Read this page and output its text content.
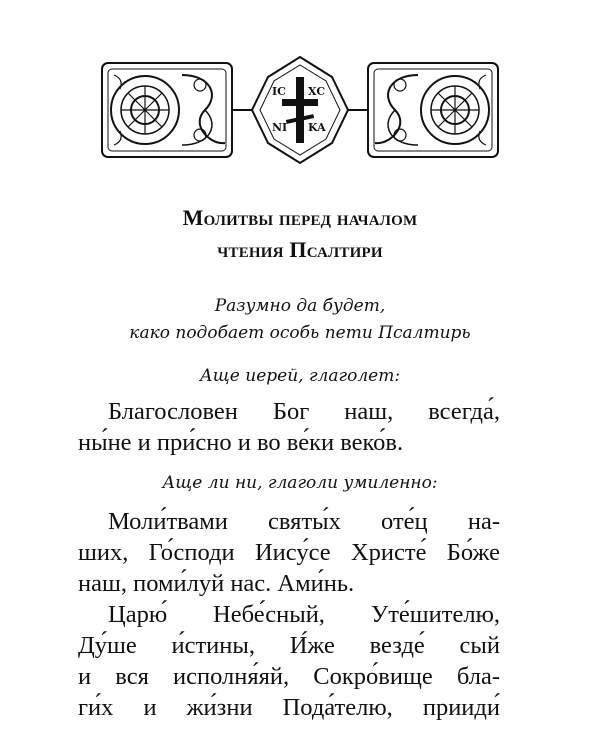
IC XC
NI KA
Молитвы перед началом
чтения Псалтири
Разумно да будет,
како подобает особь пети Псалтирь
Аще иерей, глаголет:
Благословен Бог наш, всегда́,
ны́не и при́сно и во ве́ки веко́в.
Аще ли ни, глаголи умиленно:
Моли́твами святы́х оте́ц на-
ших, Го́споди Иису́се Христе́ Бо́же
наш, поми́луй нас. Ами́нь.
Царю́ Небе́сный, Уте́шителю,
Ду́ше и́стины, И́же везде́ сый
и вся исполня́яй, Сокро́вище бла-
ги́х и жи́зни Пода́телю, прииди́
